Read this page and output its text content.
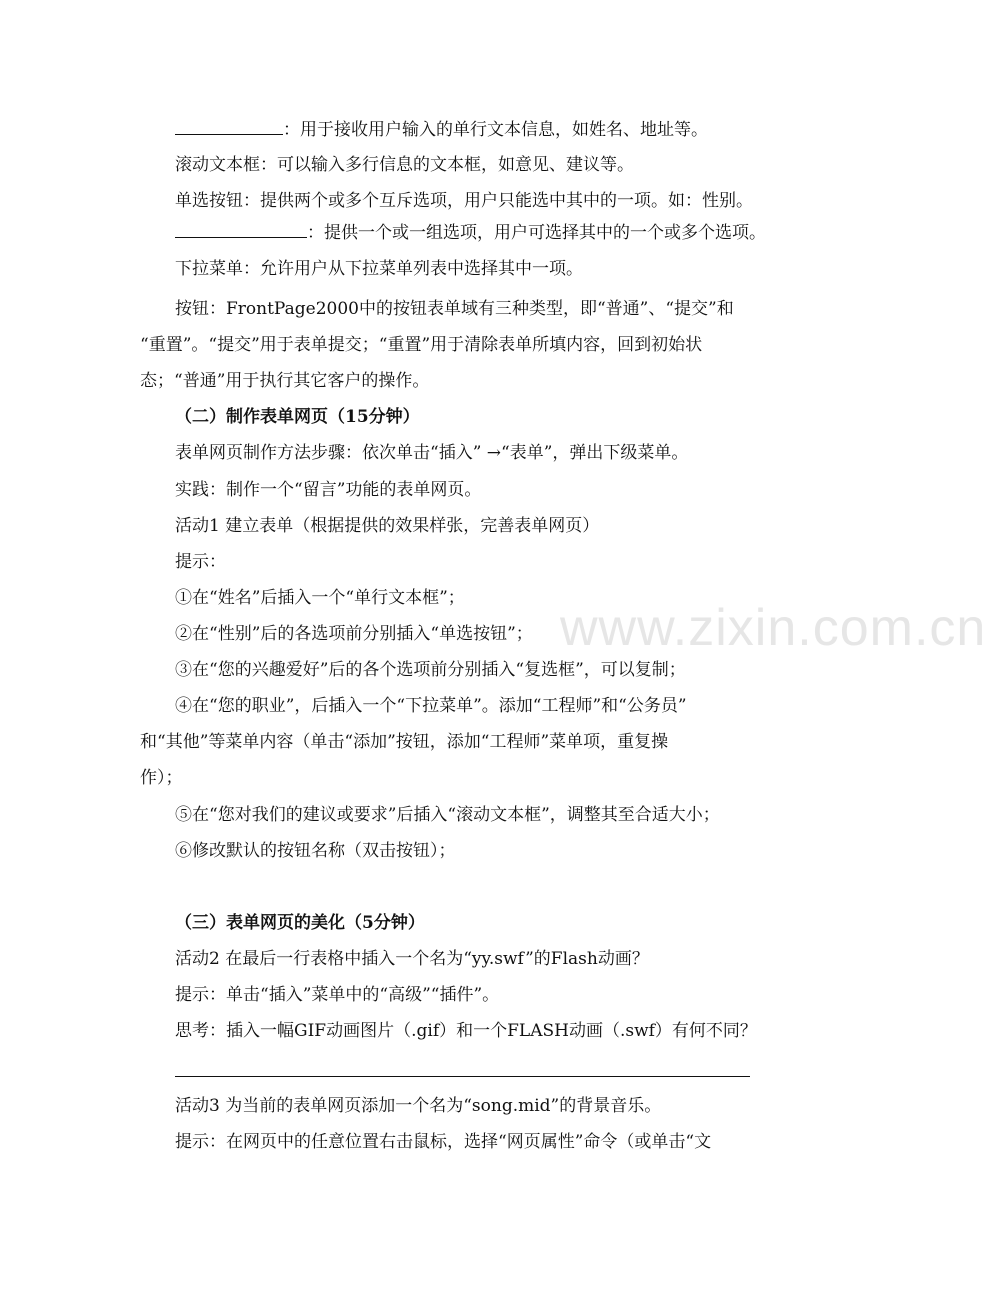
www.zixin.com.cn
：用于接收用户输入的单行文本信息，如姓名、地址等。
滚动文本框：可以输入多行信息的文本框，如意见、建议等。
单选按钮：提供两个或多个互斥选项，用户只能选中其中的一项。如：性别。
：提供一个或一组选项，用户可选择其中的一个或多个选项。
下拉菜单：允许用户从下拉菜单列表中选择其中一项。
按钮：FrontPage2000中的按钮表单域有三种类型，即“普通”、“提交”和
“重置”。“提交”用于表单提交；“重置”用于清除表单所填内容，回到初始状
态；“普通”用于执行其它客户的操作。
（二）制作表单网页（15分钟）
表单网页制作方法步骤：依次单击“插入” →“表单”，弹出下级菜单。
实践：制作一个“留言”功能的表单网页。
活动1 建立表单（根据提供的效果样张，完善表单网页）
提示：
①在“姓名”后插入一个“单行文本框”；
②在“性别”后的各选项前分别插入“单选按钮”；
③在“您的兴趣爱好”后的各个选项前分别插入“复选框”，可以复制；
④在“您的职业”，后插入一个“下拉菜单”。添加“工程师”和“公务员”
和“其他”等菜单内容（单击“添加”按钮，添加“工程师”菜单项，重复操
作）；
⑤在“您对我们的建议或要求”后插入“滚动文本框”，调整其至合适大小；
⑥修改默认的按钮名称（双击按钮）；
（三）表单网页的美化（5分钟）
活动2 在最后一行表格中插入一个名为“yy.swf”的Flash动画？
提示：单击“插入”菜单中的“高级”“插件”。
思考：插入一幅GIF动画图片（.gif）和一个FLASH动画（.swf）有何不同？
活动3 为当前的表单网页添加一个名为“song.mid”的背景音乐。
提示：在网页中的任意位置右击鼠标，选择“网页属性”命令（或单击“文
